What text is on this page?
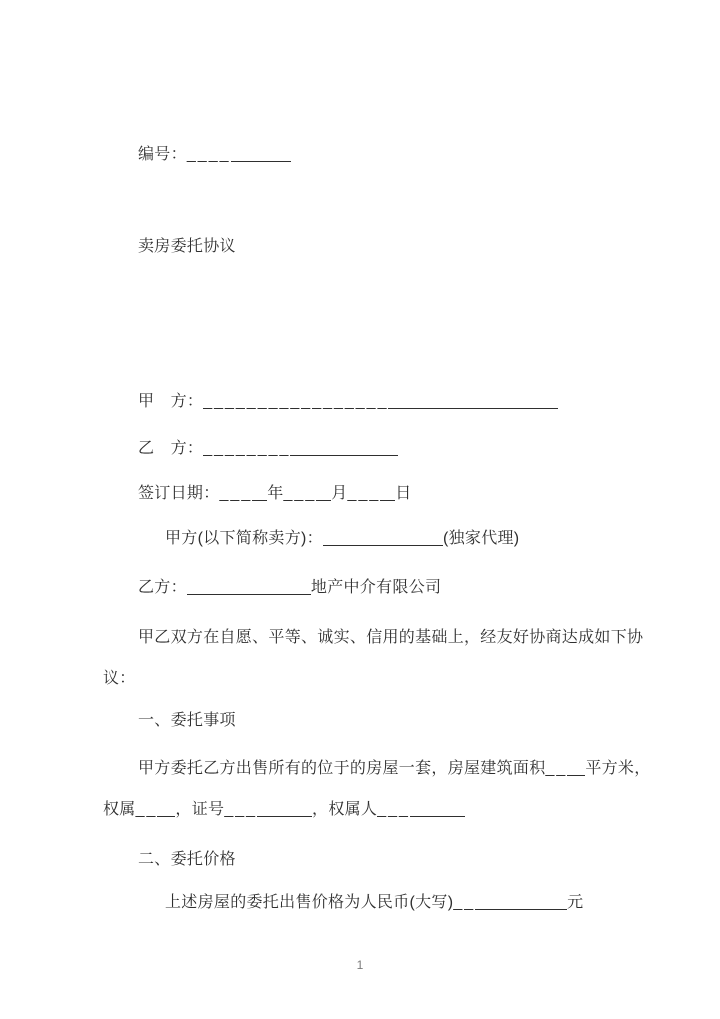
编号：____
卖房委托协议
甲　方：_________________
乙　方：________
签订日期：___ 年___ 月___ 日
甲方(以下简称卖方)：	(独家代理)
乙方：	地产中介有限公司
甲乙双方在自愿、平等、诚实、信用的基础上，经友好协商达成如下协
议：
一、委托事项
甲方委托乙方出售所有的位于的房屋一套，房屋建筑面积__ 平方米，
权属__ ，证号___	，权属人___
二、委托价格
上述房屋的委托出售价格为人民币(大写)__	元
1
